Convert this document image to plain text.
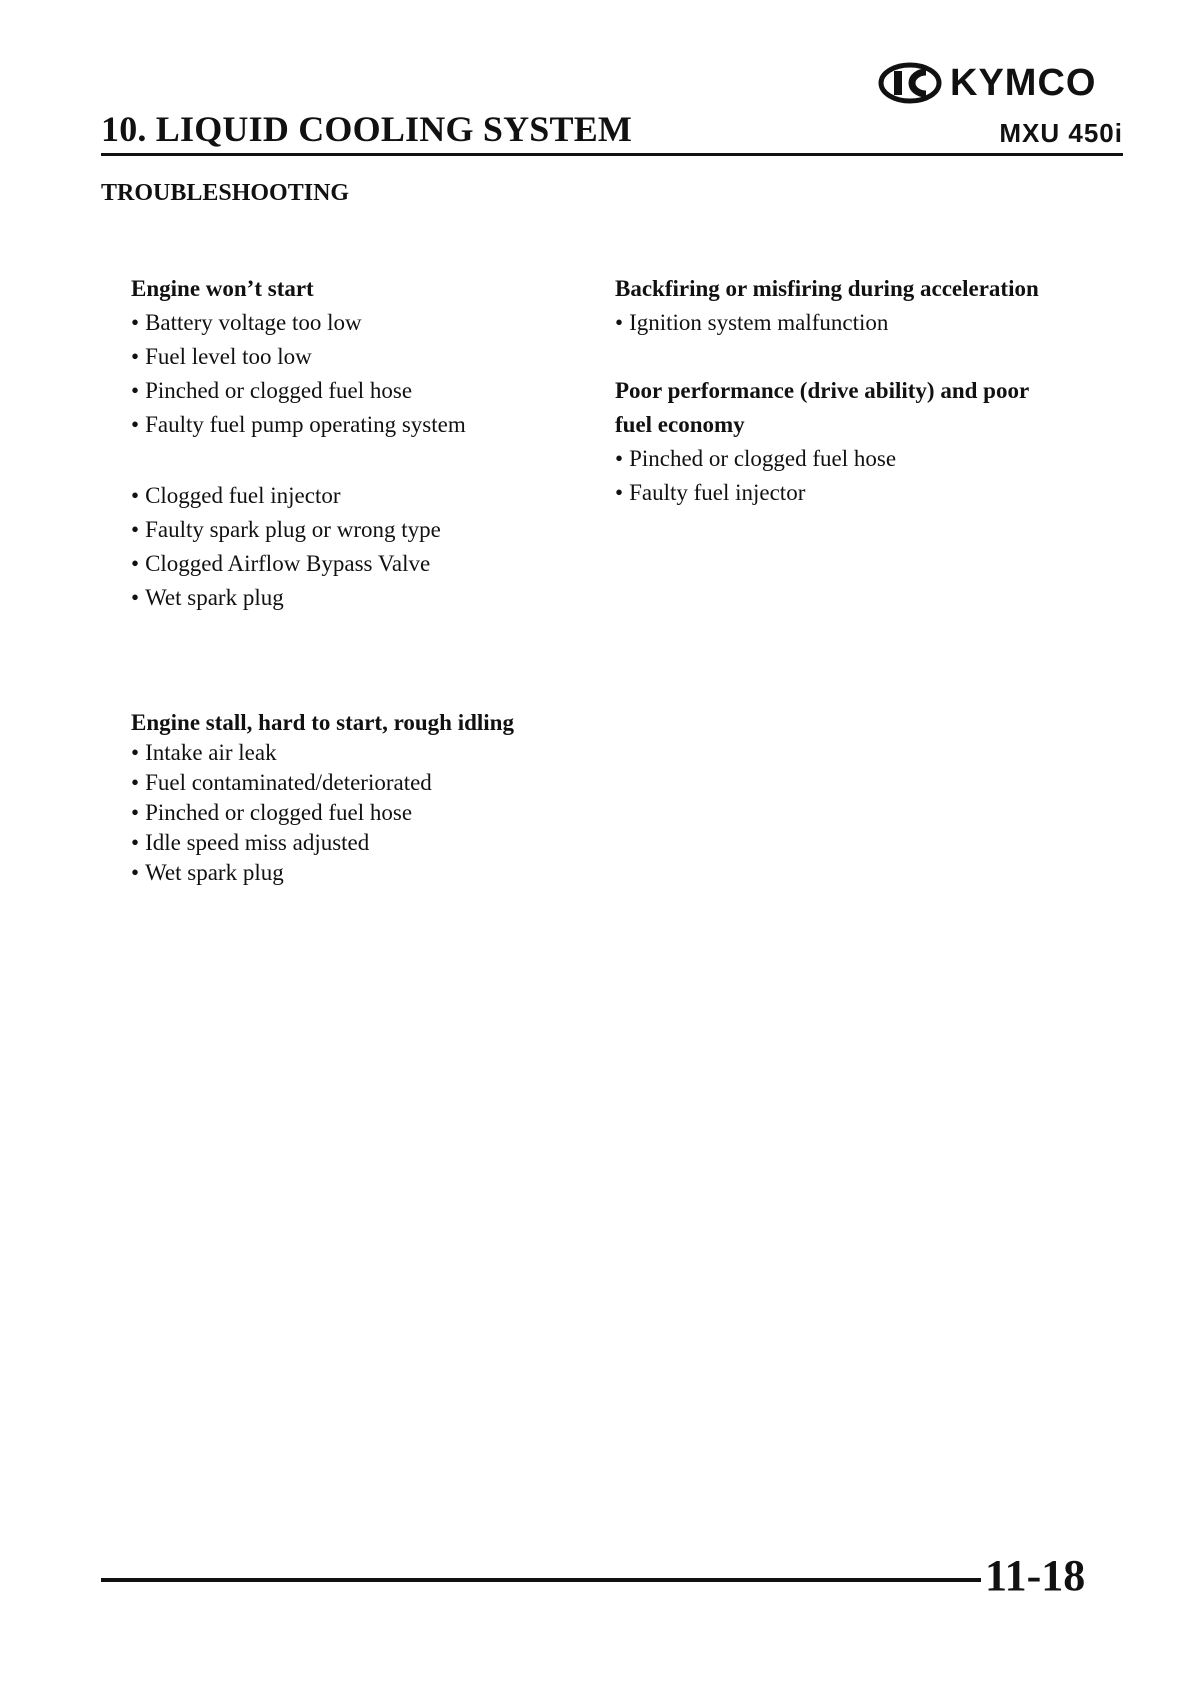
10. LIQUID COOLING SYSTEM
KYMCO
MXU 450i
TROUBLESHOOTING
Engine won’t start
• Battery voltage too low
• Fuel level too low
• Pinched or clogged fuel hose
• Faulty fuel pump operating system
• Clogged fuel injector
• Faulty spark plug or wrong type
• Clogged Airflow Bypass Valve
• Wet spark plug
Engine stall, hard to start, rough idling
• Intake air leak
• Fuel contaminated/deteriorated
• Pinched or clogged fuel hose
• Idle speed miss adjusted
• Wet spark plug
Backfiring or misfiring during acceleration
• Ignition system malfunction
Poor performance (drive ability) and poor
fuel economy
• Pinched or clogged fuel hose
• Faulty fuel injector
11-18
